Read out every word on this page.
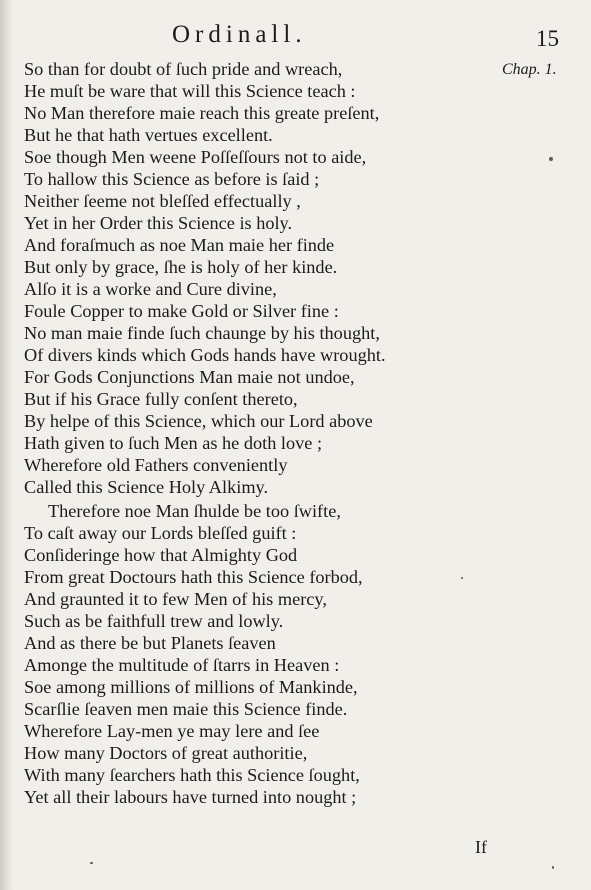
Ordinall.	15
Chap. 1.
So than for doubt of ſuch pride and wreach,
He muſt be ware that will this Science teach :
No Man therefore maie reach this greate preſent,
But he that hath vertues excellent.
Soe though Men weene Poſſeſſours not to aide,
To hallow this Science as before is ſaid ;
Neither ſeeme not bleſſed effectually ,
Yet in her Order this Science is holy.
And foraſmuch as noe Man maie her finde
But only by grace, ſhe is holy of her kinde.
Alſo it is a worke and Cure divine,
Foule Copper to make Gold or Silver fine :
No man maie finde ſuch chaunge by his thought,
Of divers kinds which Gods hands have wrought.
For Gods Conjunctions Man maie not undoe,
But if his Grace fully conſent thereto,
By helpe of this Science, which our Lord above
Hath given to ſuch Men as he doth love ;
Wherefore old Fathers conveniently
Called this Science Holy Alkimy.
Therefore noe Man ſhulde be too ſwifte,
To caſt away our Lords bleſſed guift :
Conſideringe how that Almighty God
From great Doctours hath this Science forbod,
And graunted it to few Men of his mercy,
Such as be faithfull trew and lowly.
And as there be but Planets ſeaven
Amonge the multitude of ſtarrs in Heaven :
Soe among millions of millions of Mankinde,
Scarſlie ſeaven men maie this Science finde.
Wherefore Lay-men ye may lere and ſee
How many Doctors of great authoritie,
With many ſearchers hath this Science ſought,
Yet all their labours have turned into nought ;
If
